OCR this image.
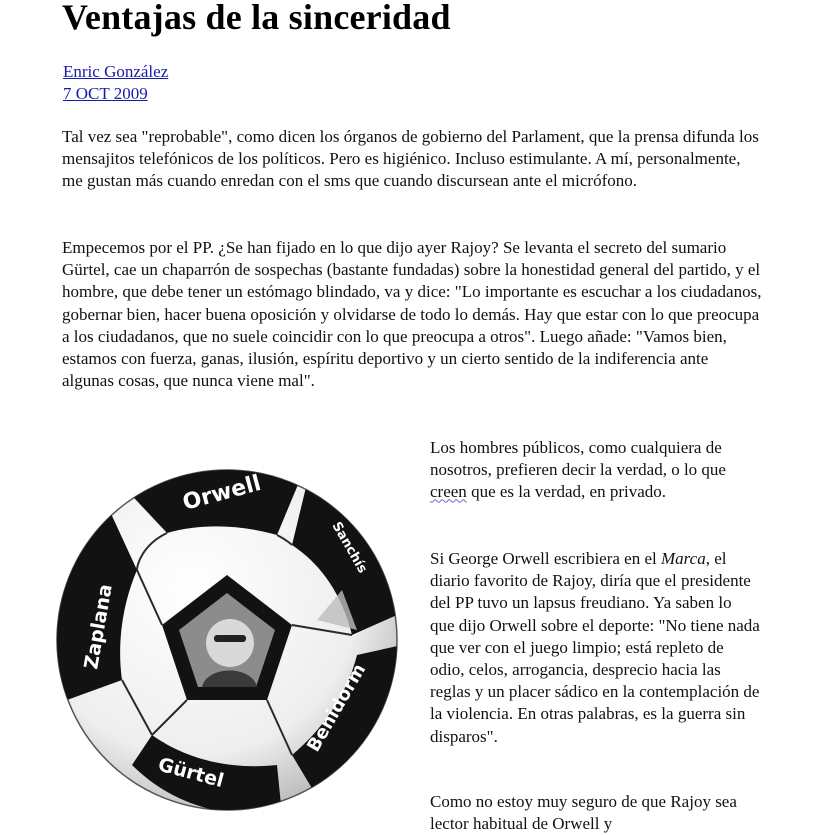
Ventajas de la sinceridad
Enric González
7 OCT 2009

Tal vez sea "reprobable", como dicen los órganos de gobierno del Parlament, que la prensa difunda los mensajitos telefónicos de los políticos. Pero es higiénico. Incluso estimulante. A mí, personalmente, me gustan más cuando enredan con el sms que cuando discursean ante el micrófono.

Empecemos por el PP. ¿Se han fijado en lo que dijo ayer Rajoy? Se levanta el secreto del sumario Gürtel, cae un chaparrón de sospechas (bastante fundadas) sobre la honestidad general del partido, y el hombre, que debe tener un estómago blindado, va y dice: "Lo importante es escuchar a los ciudadanos, gobernar bien, hacer buena oposición y olvidarse de todo lo demás. Hay que estar con lo que preocupa a los ciudadanos, que no suele coincidir con lo que preocupa a otros". Luego añade: "Vamos bien, estamos con fuerza, ganas, ilusión, espíritu deportivo y un cierto sentido de la indiferencia ante algunas cosas, que nunca viene mal".

Orwell
Sanchís
Zaplana
Benidorm
Gürtel

Los hombres públicos, como cualquiera de nosotros, prefieren decir la verdad, o lo que creen que es la verdad, en privado.

Si George Orwell escribiera en el Marca, el diario favorito de Rajoy, diría que el presidente del PP tuvo un lapsus freudiano. Ya saben lo que dijo Orwell sobre el deporte: "No tiene nada que ver con el juego limpio; está repleto de odio, celos, arrogancia, desprecio hacia las reglas y un placer sádico en la contemplación de la violencia. En otras palabras, es la guerra sin disparos".

Como no estoy muy seguro de que Rajoy sea lector habitual de Orwell y
